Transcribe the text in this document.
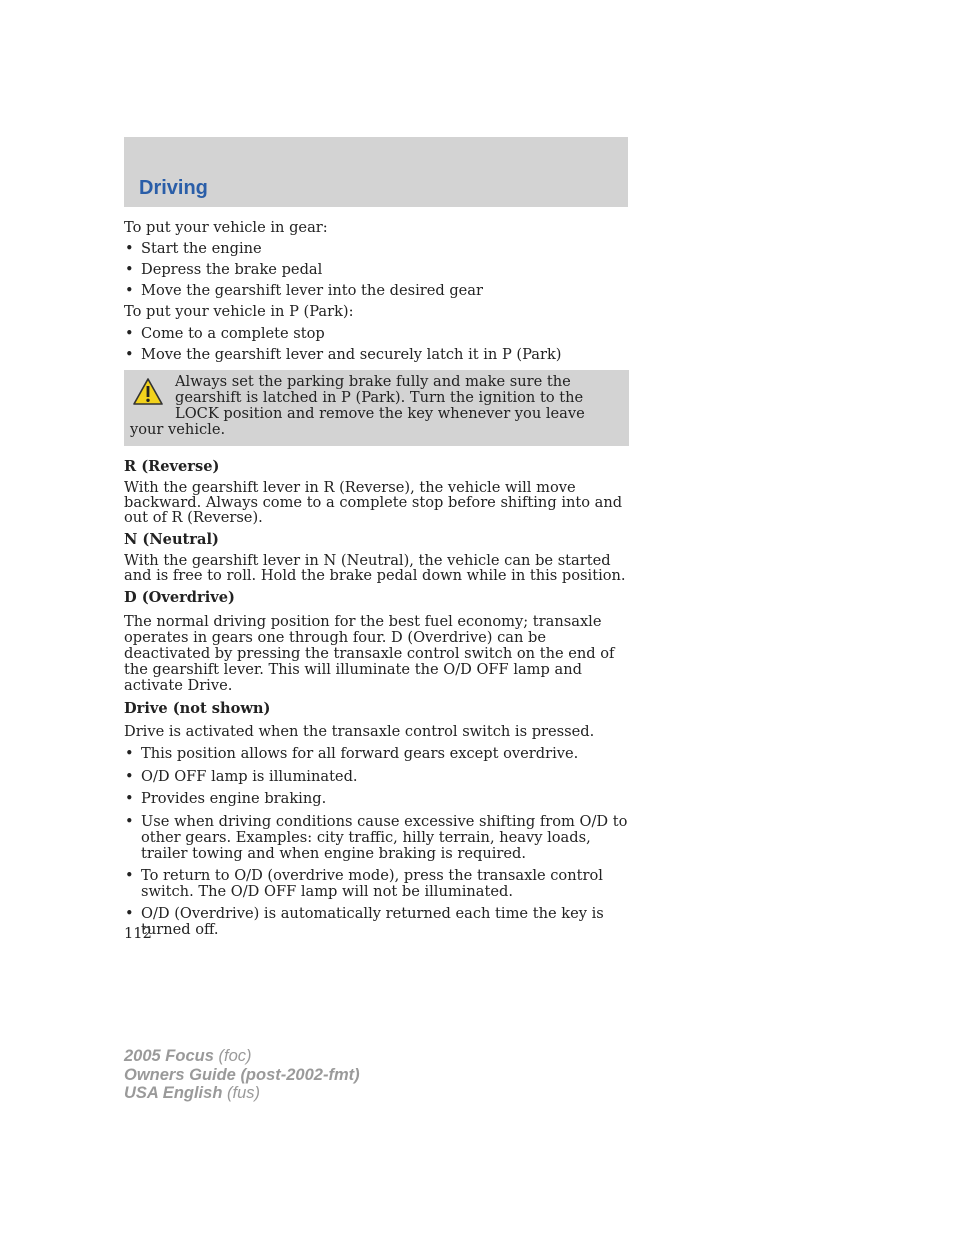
Driving

To put your vehicle in gear:

• Start the engine
• Depress the brake pedal
• Move the gearshift lever into the desired gear

To put your vehicle in P (Park):

• Come to a complete stop
• Move the gearshift lever and securely latch it in P (Park)
Always set the parking brake fully and make sure the gearshift is latched in P (Park). Turn the ignition to the LOCK position and remove the key whenever you leave your vehicle.

R (Reverse)

With the gearshift lever in R (Reverse), the vehicle will move backward. Always come to a complete stop before shifting into and out of R (Reverse).

N (Neutral)

With the gearshift lever in N (Neutral), the vehicle can be started and is free to roll. Hold the brake pedal down while in this position.

D (Overdrive)

The normal driving position for the best fuel economy; transaxle operates in gears one through four. D (Overdrive) can be deactivated by pressing the transaxle control switch on the end of the gearshift lever. This will illuminate the O/D OFF lamp and activate Drive.

Drive (not shown)

Drive is activated when the transaxle control switch is pressed.

• This position allows for all forward gears except overdrive.
• O/D OFF lamp is illuminated.
• Provides engine braking.
• Use when driving conditions cause excessive shifting from O/D to other gears. Examples: city traffic, hilly terrain, heavy loads, trailer towing and when engine braking is required.
• To return to O/D (overdrive mode), press the transaxle control switch. The O/D OFF lamp will not be illuminated.
• O/D (Overdrive) is automatically returned each time the key is turned off.
112
2005 Focus (foc)
Owners Guide (post-2002-fmt)
USA English (fus)
